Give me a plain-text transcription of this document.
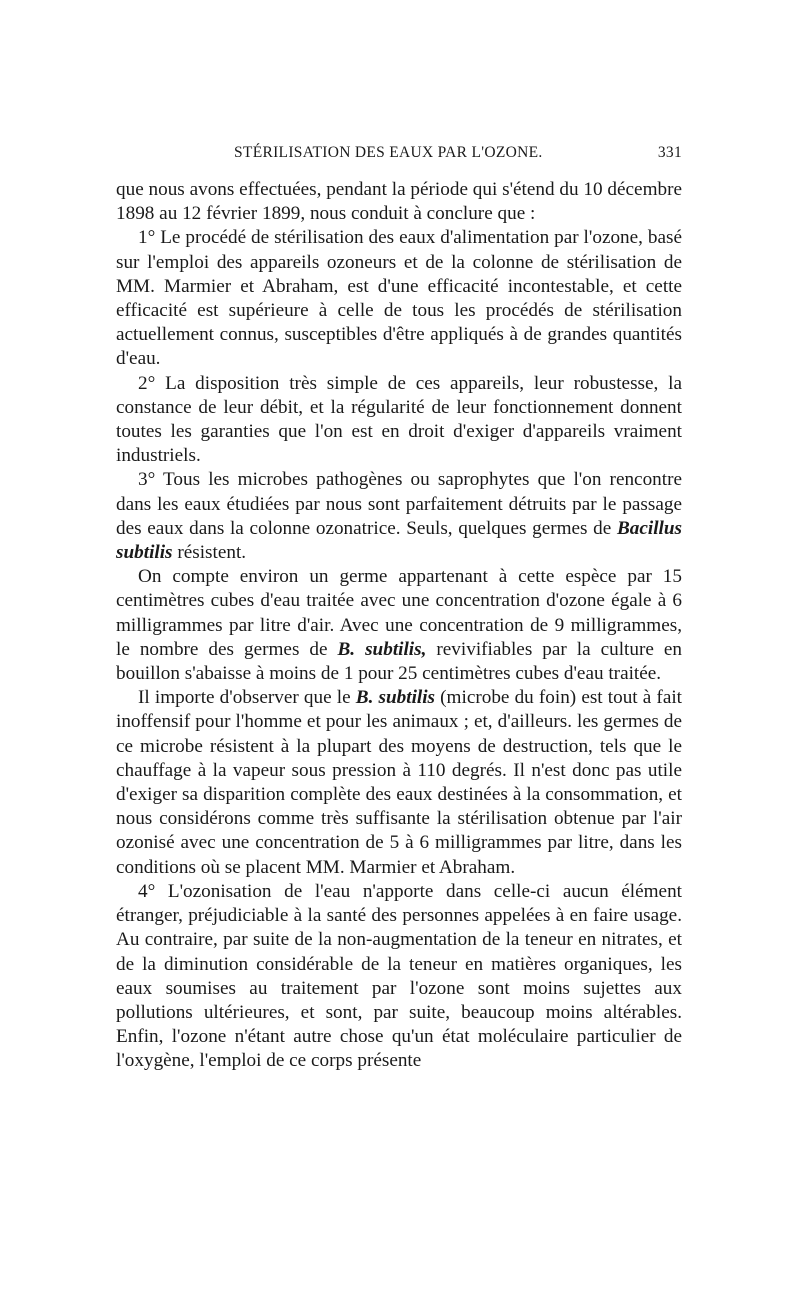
STÉRILISATION DES EAUX PAR L'OZONE.	331

que nous avons effectuées, pendant la période qui s'étend du 10 décembre 1898 au 12 février 1899, nous conduit à conclure que :

1° Le procédé de stérilisation des eaux d'alimentation par l'ozone, basé sur l'emploi des appareils ozoneurs et de la colonne de stérilisation de MM. Marmier et Abraham, est d'une efficacité incontestable, et cette efficacité est supérieure à celle de tous les procédés de stérilisation actuellement connus, susceptibles d'être appliqués à de grandes quantités d'eau.

2° La disposition très simple de ces appareils, leur robustesse, la constance de leur débit, et la régularité de leur fonctionnement donnent toutes les garanties que l'on est en droit d'exiger d'appareils vraiment industriels.

3° Tous les microbes pathogènes ou saprophytes que l'on rencontre dans les eaux étudiées par nous sont parfaitement détruits par le passage des eaux dans la colonne ozonatrice. Seuls, quelques germes de Bacillus subtilis résistent.

On compte environ un germe appartenant à cette espèce par 15 centimètres cubes d'eau traitée avec une concentration d'ozone égale à 6 milligrammes par litre d'air. Avec une concentration de 9 milligrammes, le nombre des germes de B. subtilis, revivifiables par la culture en bouillon s'abaisse à moins de 1 pour 25 centimètres cubes d'eau traitée.

Il importe d'observer que le B. subtilis (microbe du foin) est tout à fait inoffensif pour l'homme et pour les animaux ; et, d'ailleurs. les germes de ce microbe résistent à la plupart des moyens de destruction, tels que le chauffage à la vapeur sous pression à 110 degrés. Il n'est donc pas utile d'exiger sa disparition complète des eaux destinées à la consommation, et nous considérons comme très suffisante la stérilisation obtenue par l'air ozonisé avec une concentration de 5 à 6 milligrammes par litre, dans les conditions où se placent MM. Marmier et Abraham.

4° L'ozonisation de l'eau n'apporte dans celle-ci aucun élément étranger, préjudiciable à la santé des personnes appelées à en faire usage. Au contraire, par suite de la non-augmentation de la teneur en nitrates, et de la diminution considérable de la teneur en matières organiques, les eaux soumises au traitement par l'ozone sont moins sujettes aux pollutions ultérieures, et sont, par suite, beaucoup moins altérables. Enfin, l'ozone n'étant autre chose qu'un état moléculaire particulier de l'oxygène, l'emploi de ce corps présente
